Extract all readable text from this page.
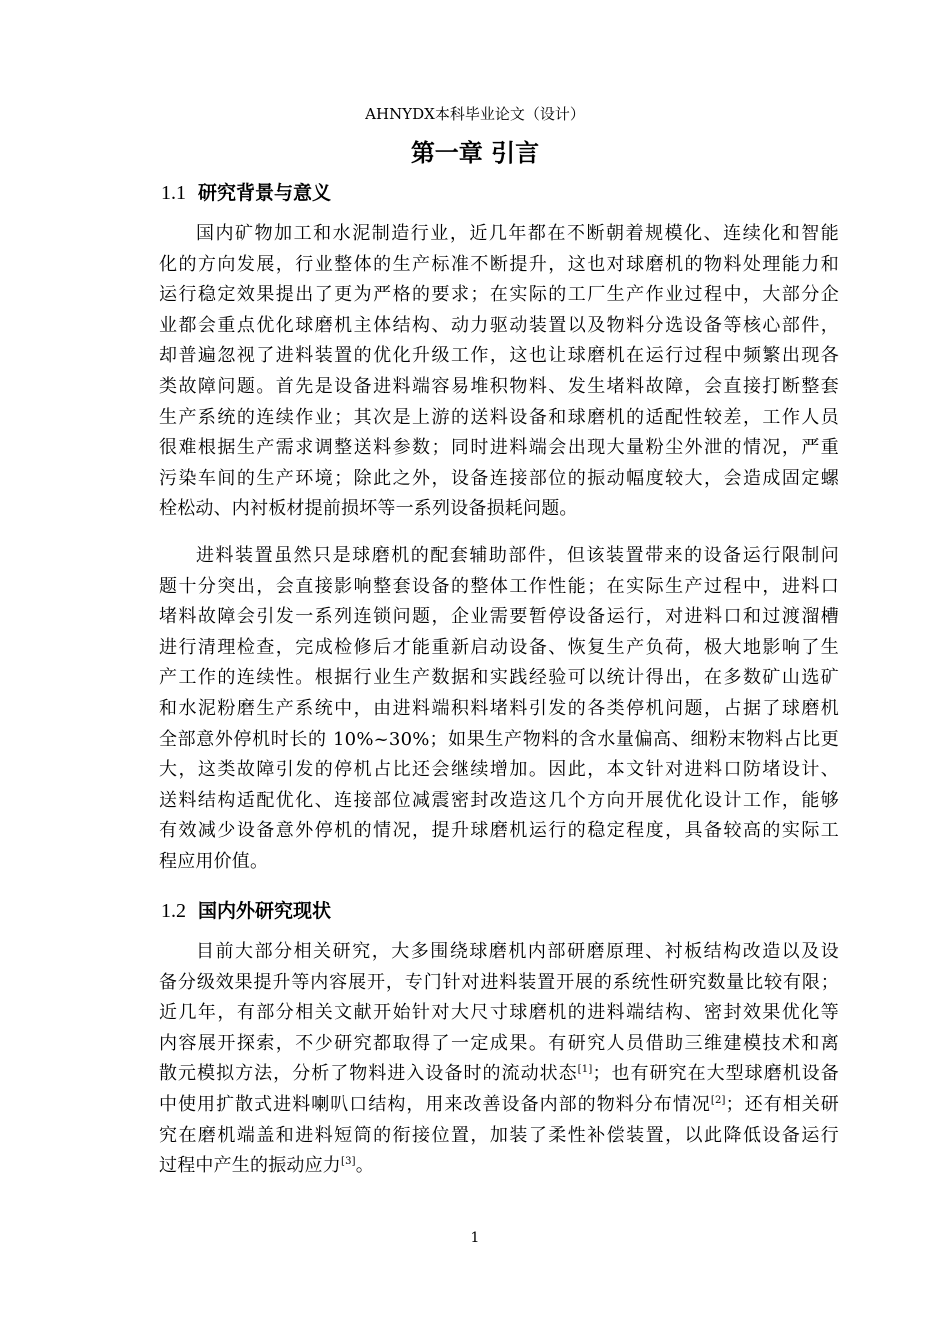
AHNYDX本科毕业论文（设计）
第一章 引言
1.1 研究背景与意义
国内矿物加工和水泥制造行业，近几年都在不断朝着规模化、连续化和智能
化的方向发展，行业整体的生产标准不断提升，这也对球磨机的物料处理能力和
运行稳定效果提出了更为严格的要求；在实际的工厂生产作业过程中，大部分企
业都会重点优化球磨机主体结构、动力驱动装置以及物料分选设备等核心部件，
却普遍忽视了进料装置的优化升级工作，这也让球磨机在运行过程中频繁出现各
类故障问题。首先是设备进料端容易堆积物料、发生堵料故障，会直接打断整套
生产系统的连续作业；其次是上游的送料设备和球磨机的适配性较差，工作人员
很难根据生产需求调整送料参数；同时进料端会出现大量粉尘外泄的情况，严重
污染车间的生产环境；除此之外，设备连接部位的振动幅度较大，会造成固定螺
栓松动、内衬板材提前损坏等一系列设备损耗问题。
进料装置虽然只是球磨机的配套辅助部件，但该装置带来的设备运行限制问
题十分突出，会直接影响整套设备的整体工作性能；在实际生产过程中，进料口
堵料故障会引发一系列连锁问题，企业需要暂停设备运行，对进料口和过渡溜槽
进行清理检查，完成检修后才能重新启动设备、恢复生产负荷，极大地影响了生
产工作的连续性。根据行业生产数据和实践经验可以统计得出，在多数矿山选矿
和水泥粉磨生产系统中，由进料端积料堵料引发的各类停机问题，占据了球磨机
全部意外停机时长的 10%~30%；如果生产物料的含水量偏高、细粉末物料占比更
大，这类故障引发的停机占比还会继续增加。因此，本文针对进料口防堵设计、
送料结构适配优化、连接部位减震密封改造这几个方向开展优化设计工作，能够
有效减少设备意外停机的情况，提升球磨机运行的稳定程度，具备较高的实际工
程应用价值。
1.2 国内外研究现状
目前大部分相关研究，大多围绕球磨机内部研磨原理、衬板结构改造以及设
备分级效果提升等内容展开，专门针对进料装置开展的系统性研究数量比较有限；
近几年，有部分相关文献开始针对大尺寸球磨机的进料端结构、密封效果优化等
内容展开探索，不少研究都取得了一定成果。有研究人员借助三维建模技术和离
散元模拟方法，分析了物料进入设备时的流动状态[1]；也有研究在大型球磨机设备
中使用扩散式进料喇叭口结构，用来改善设备内部的物料分布情况[2]；还有相关研
究在磨机端盖和进料短筒的衔接位置，加装了柔性补偿装置，以此降低设备运行
过程中产生的振动应力[3]。
1
